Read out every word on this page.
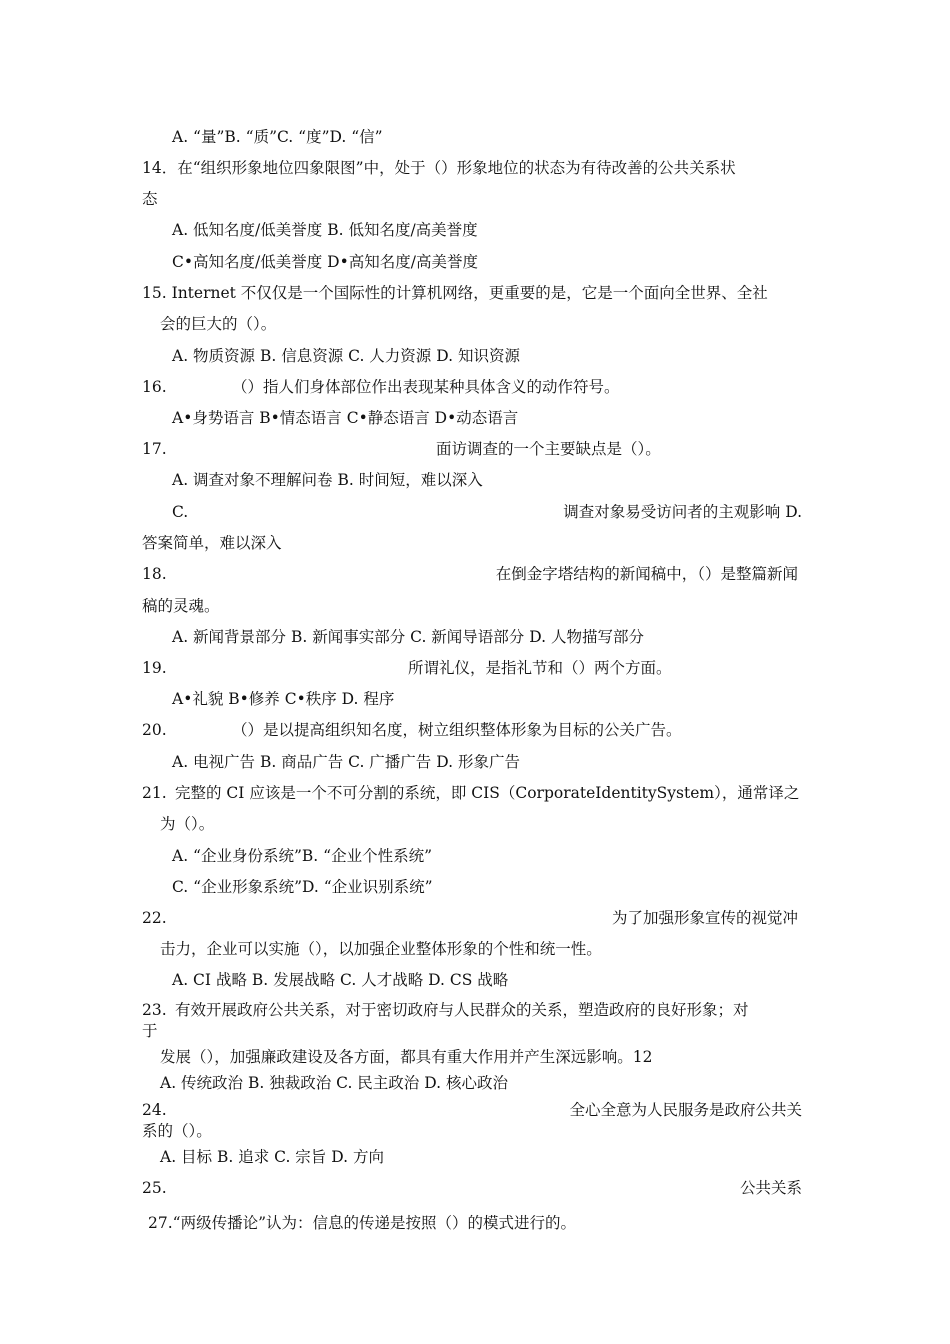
A. “量”B. “质”C. “度”D. “信”
14．在“组织形象地位四象限图”中，处于（）形象地位的状态为有待改善的公共关系状
态
A. 低知名度/低美誉度 B. 低知名度/高美誉度
C•高知名度/低美誉度 D•高知名度/高美誉度
15. Internet 不仅仅是一个国际性的计算机网络，更重要的是，它是一个面向全世界、全社
会的巨大的（）。
A. 物质资源 B. 信息资源 C. 人力资源 D. 知识资源
16.	（）指人们身体部位作出表现某种具体含义的动作符号。
A•身势语言 B•情态语言 C•静态语言 D•动态语言
17.	面访调查的一个主要缺点是（）。
A. 调查对象不理解问卷 B. 时间短，难以深入
C.	调查对象易受访问者的主观影响 D.
答案简单，难以深入
18.	在倒金字塔结构的新闻稿中，（）是整篇新闻
稿的灵魂。
A. 新闻背景部分 B. 新闻事实部分 C. 新闻导语部分 D. 人物描写部分
19.	所谓礼仪，是指礼节和（）两个方面。
A•礼貌 B•修养 C•秩序 D. 程序
20.	（）是以提高组织知名度，树立组织整体形象为目标的公关广告。
A. 电视广告 B. 商品广告 C. 广播广告 D. 形象广告
21. 完整的 CI 应该是一个不可分割的系统，即 CIS（CorporateIdentitySystem），通常译之
为（）。
A. “企业身份系统”B. “企业个性系统”
C. “企业形象系统”D. “企业识别系统”
22.	为了加强形象宣传的视觉冲
击力，企业可以实施（），以加强企业整体形象的个性和统一性。
A. CI 战略 B. 发展战略 C. 人才战略 D. CS 战略
23. 有效开展政府公共关系，对于密切政府与人民群众的关系，塑造政府的良好形象；对
于
发展（），加强廉政建设及各方面，都具有重大作用并产生深远影响。12
A. 传统政治 B. 独裁政治 C. 民主政治 D. 核心政治
24.	全心全意为人民服务是政府公共关
系的（）。
A. 目标 B. 追求 C. 宗旨 D. 方向
25.	公共关系
27.“两级传播论”认为：信息的传递是按照（）的模式进行的。
